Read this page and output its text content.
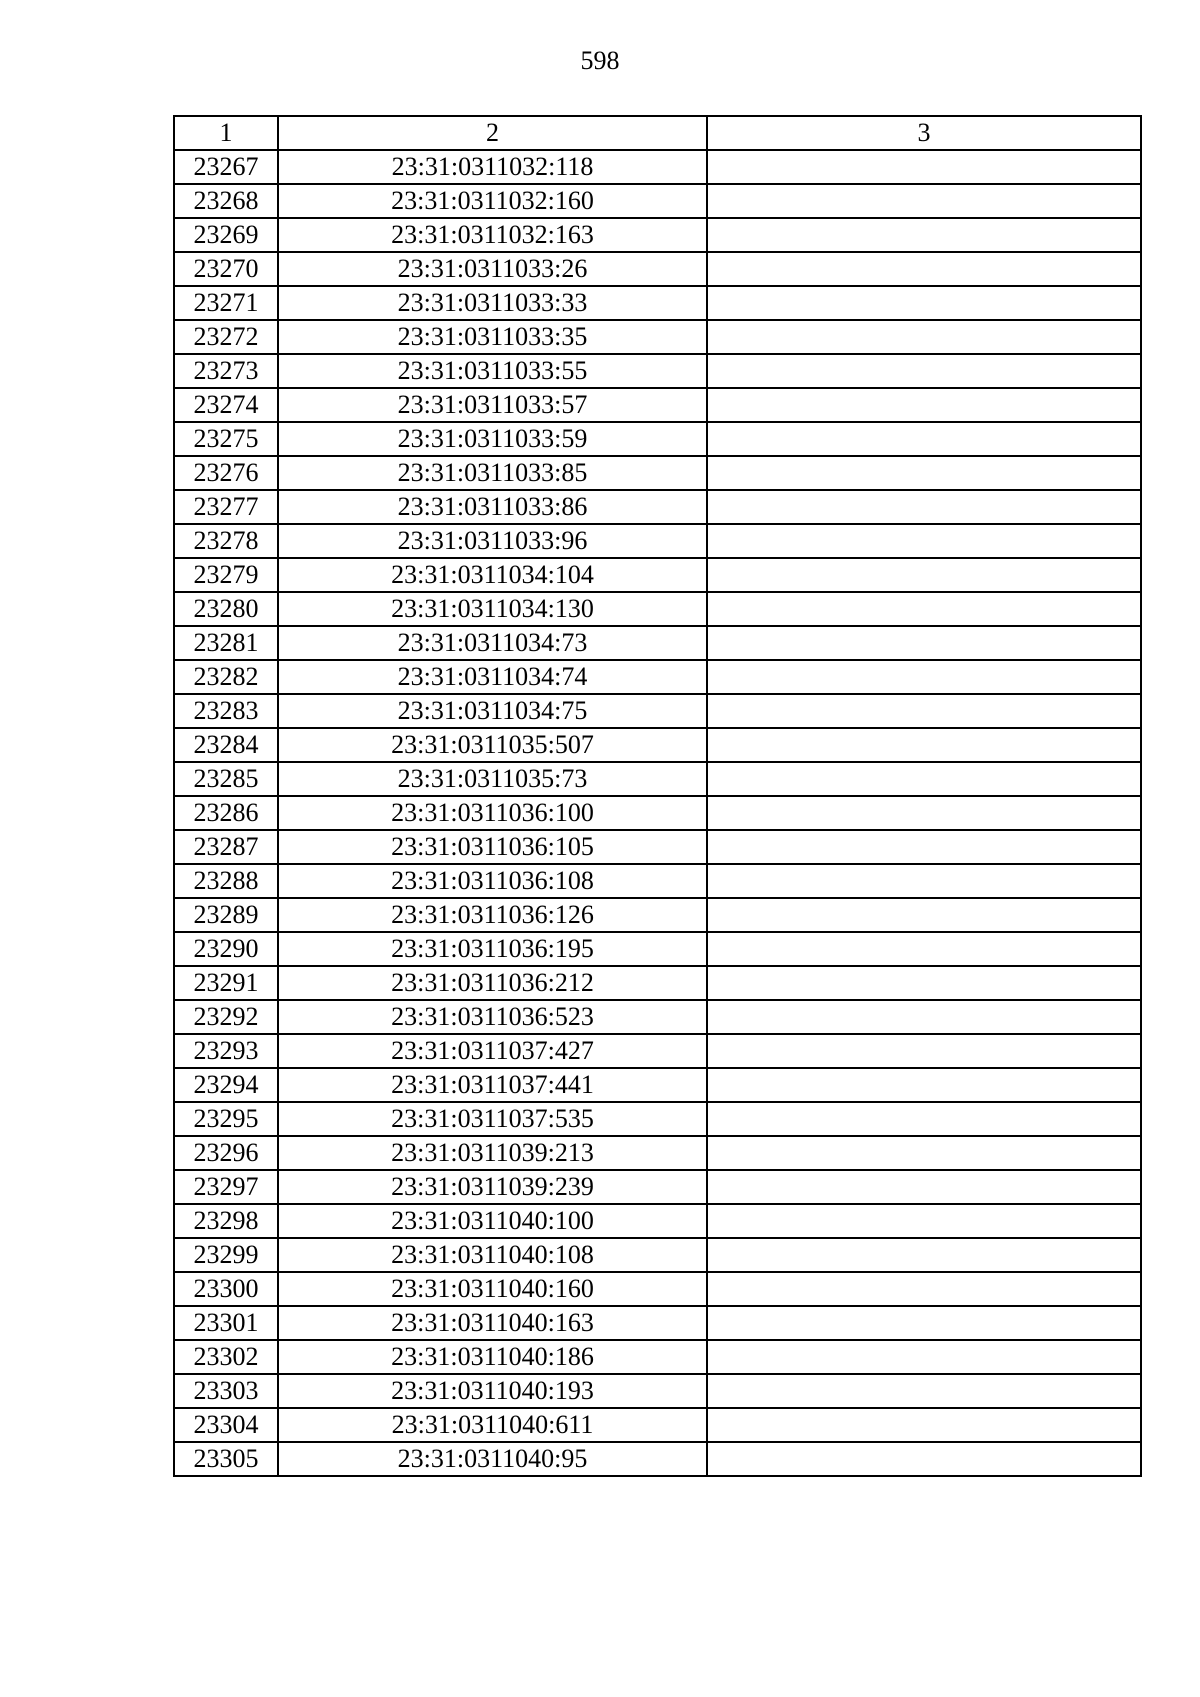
598
1	2	3
23267	23:31:0311032:118	
23268	23:31:0311032:160	
23269	23:31:0311032:163	
23270	23:31:0311033:26	
23271	23:31:0311033:33	
23272	23:31:0311033:35	
23273	23:31:0311033:55	
23274	23:31:0311033:57	
23275	23:31:0311033:59	
23276	23:31:0311033:85	
23277	23:31:0311033:86	
23278	23:31:0311033:96	
23279	23:31:0311034:104	
23280	23:31:0311034:130	
23281	23:31:0311034:73	
23282	23:31:0311034:74	
23283	23:31:0311034:75	
23284	23:31:0311035:507	
23285	23:31:0311035:73	
23286	23:31:0311036:100	
23287	23:31:0311036:105	
23288	23:31:0311036:108	
23289	23:31:0311036:126	
23290	23:31:0311036:195	
23291	23:31:0311036:212	
23292	23:31:0311036:523	
23293	23:31:0311037:427	
23294	23:31:0311037:441	
23295	23:31:0311037:535	
23296	23:31:0311039:213	
23297	23:31:0311039:239	
23298	23:31:0311040:100	
23299	23:31:0311040:108	
23300	23:31:0311040:160	
23301	23:31:0311040:163	
23302	23:31:0311040:186	
23303	23:31:0311040:193	
23304	23:31:0311040:611	
23305	23:31:0311040:95	
